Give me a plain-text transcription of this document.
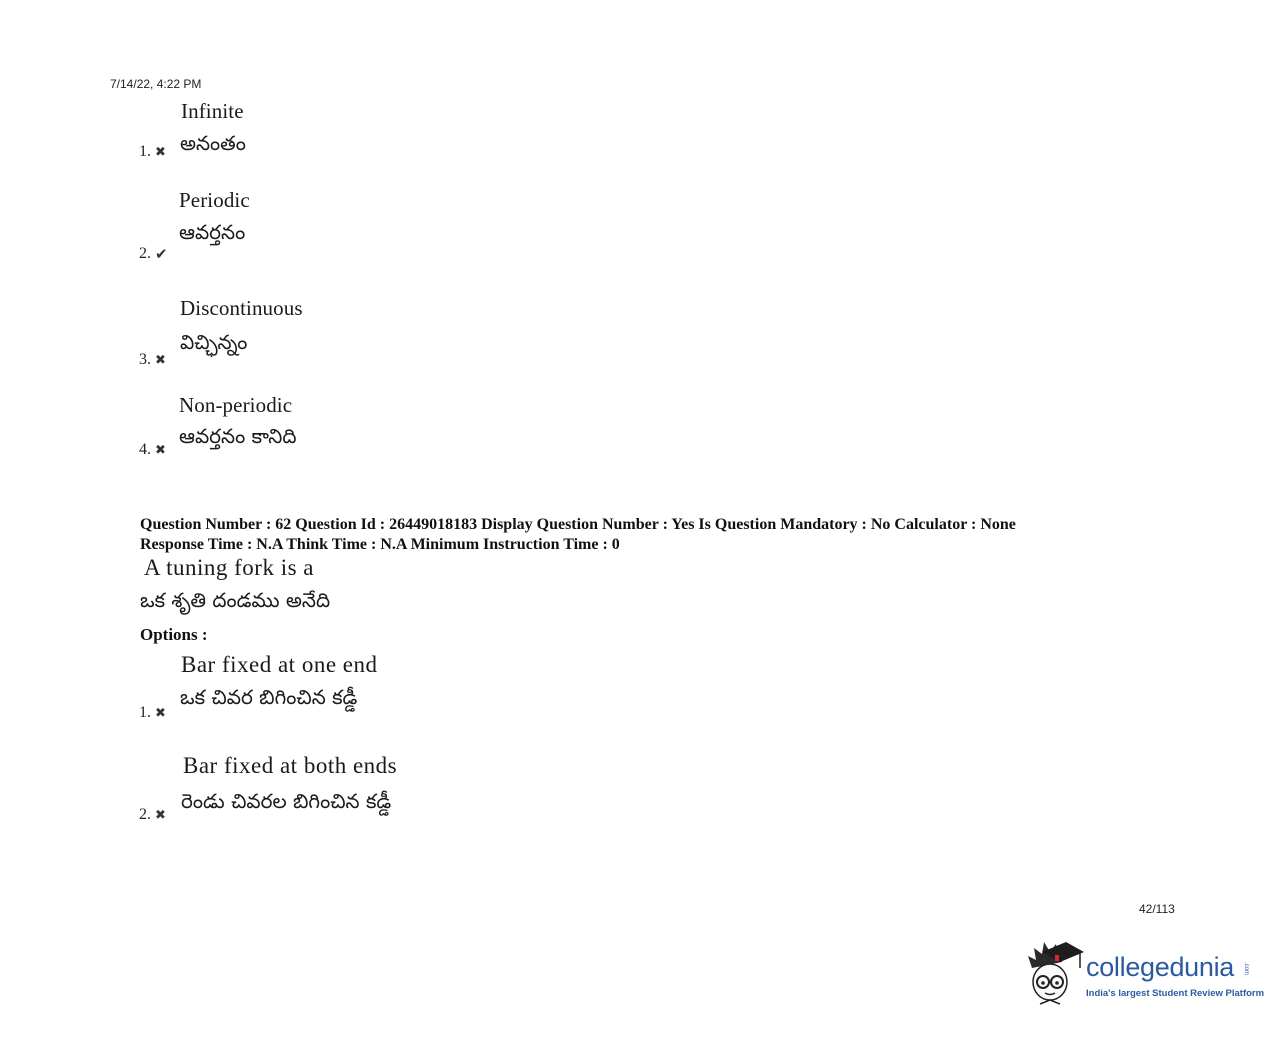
7/14/22, 4:22 PM
Infinite
అనంతం
1. ✖
Periodic
ఆవర్తనం
2. ✔
Discontinuous
విచ్ఛిన్నం
3. ✖
Non-periodic
ఆవర్తనం కానిది
4. ✖
Question Number : 62 Question Id : 26449018183 Display Question Number : Yes Is Question Mandatory : No Calculator : None
Response Time : N.A Think Time : N.A Minimum Instruction Time : 0
A tuning fork is a
ఒక శృతి దండము అనేది
Options :
Bar fixed at one end
ఒక చివర బిగించిన కడ్డీ
1. ✖
Bar fixed at both ends
రెండు చివరల బిగించిన కడ్డీ
2. ✖
42/113
collegedunia .com
India's largest Student Review Platform
